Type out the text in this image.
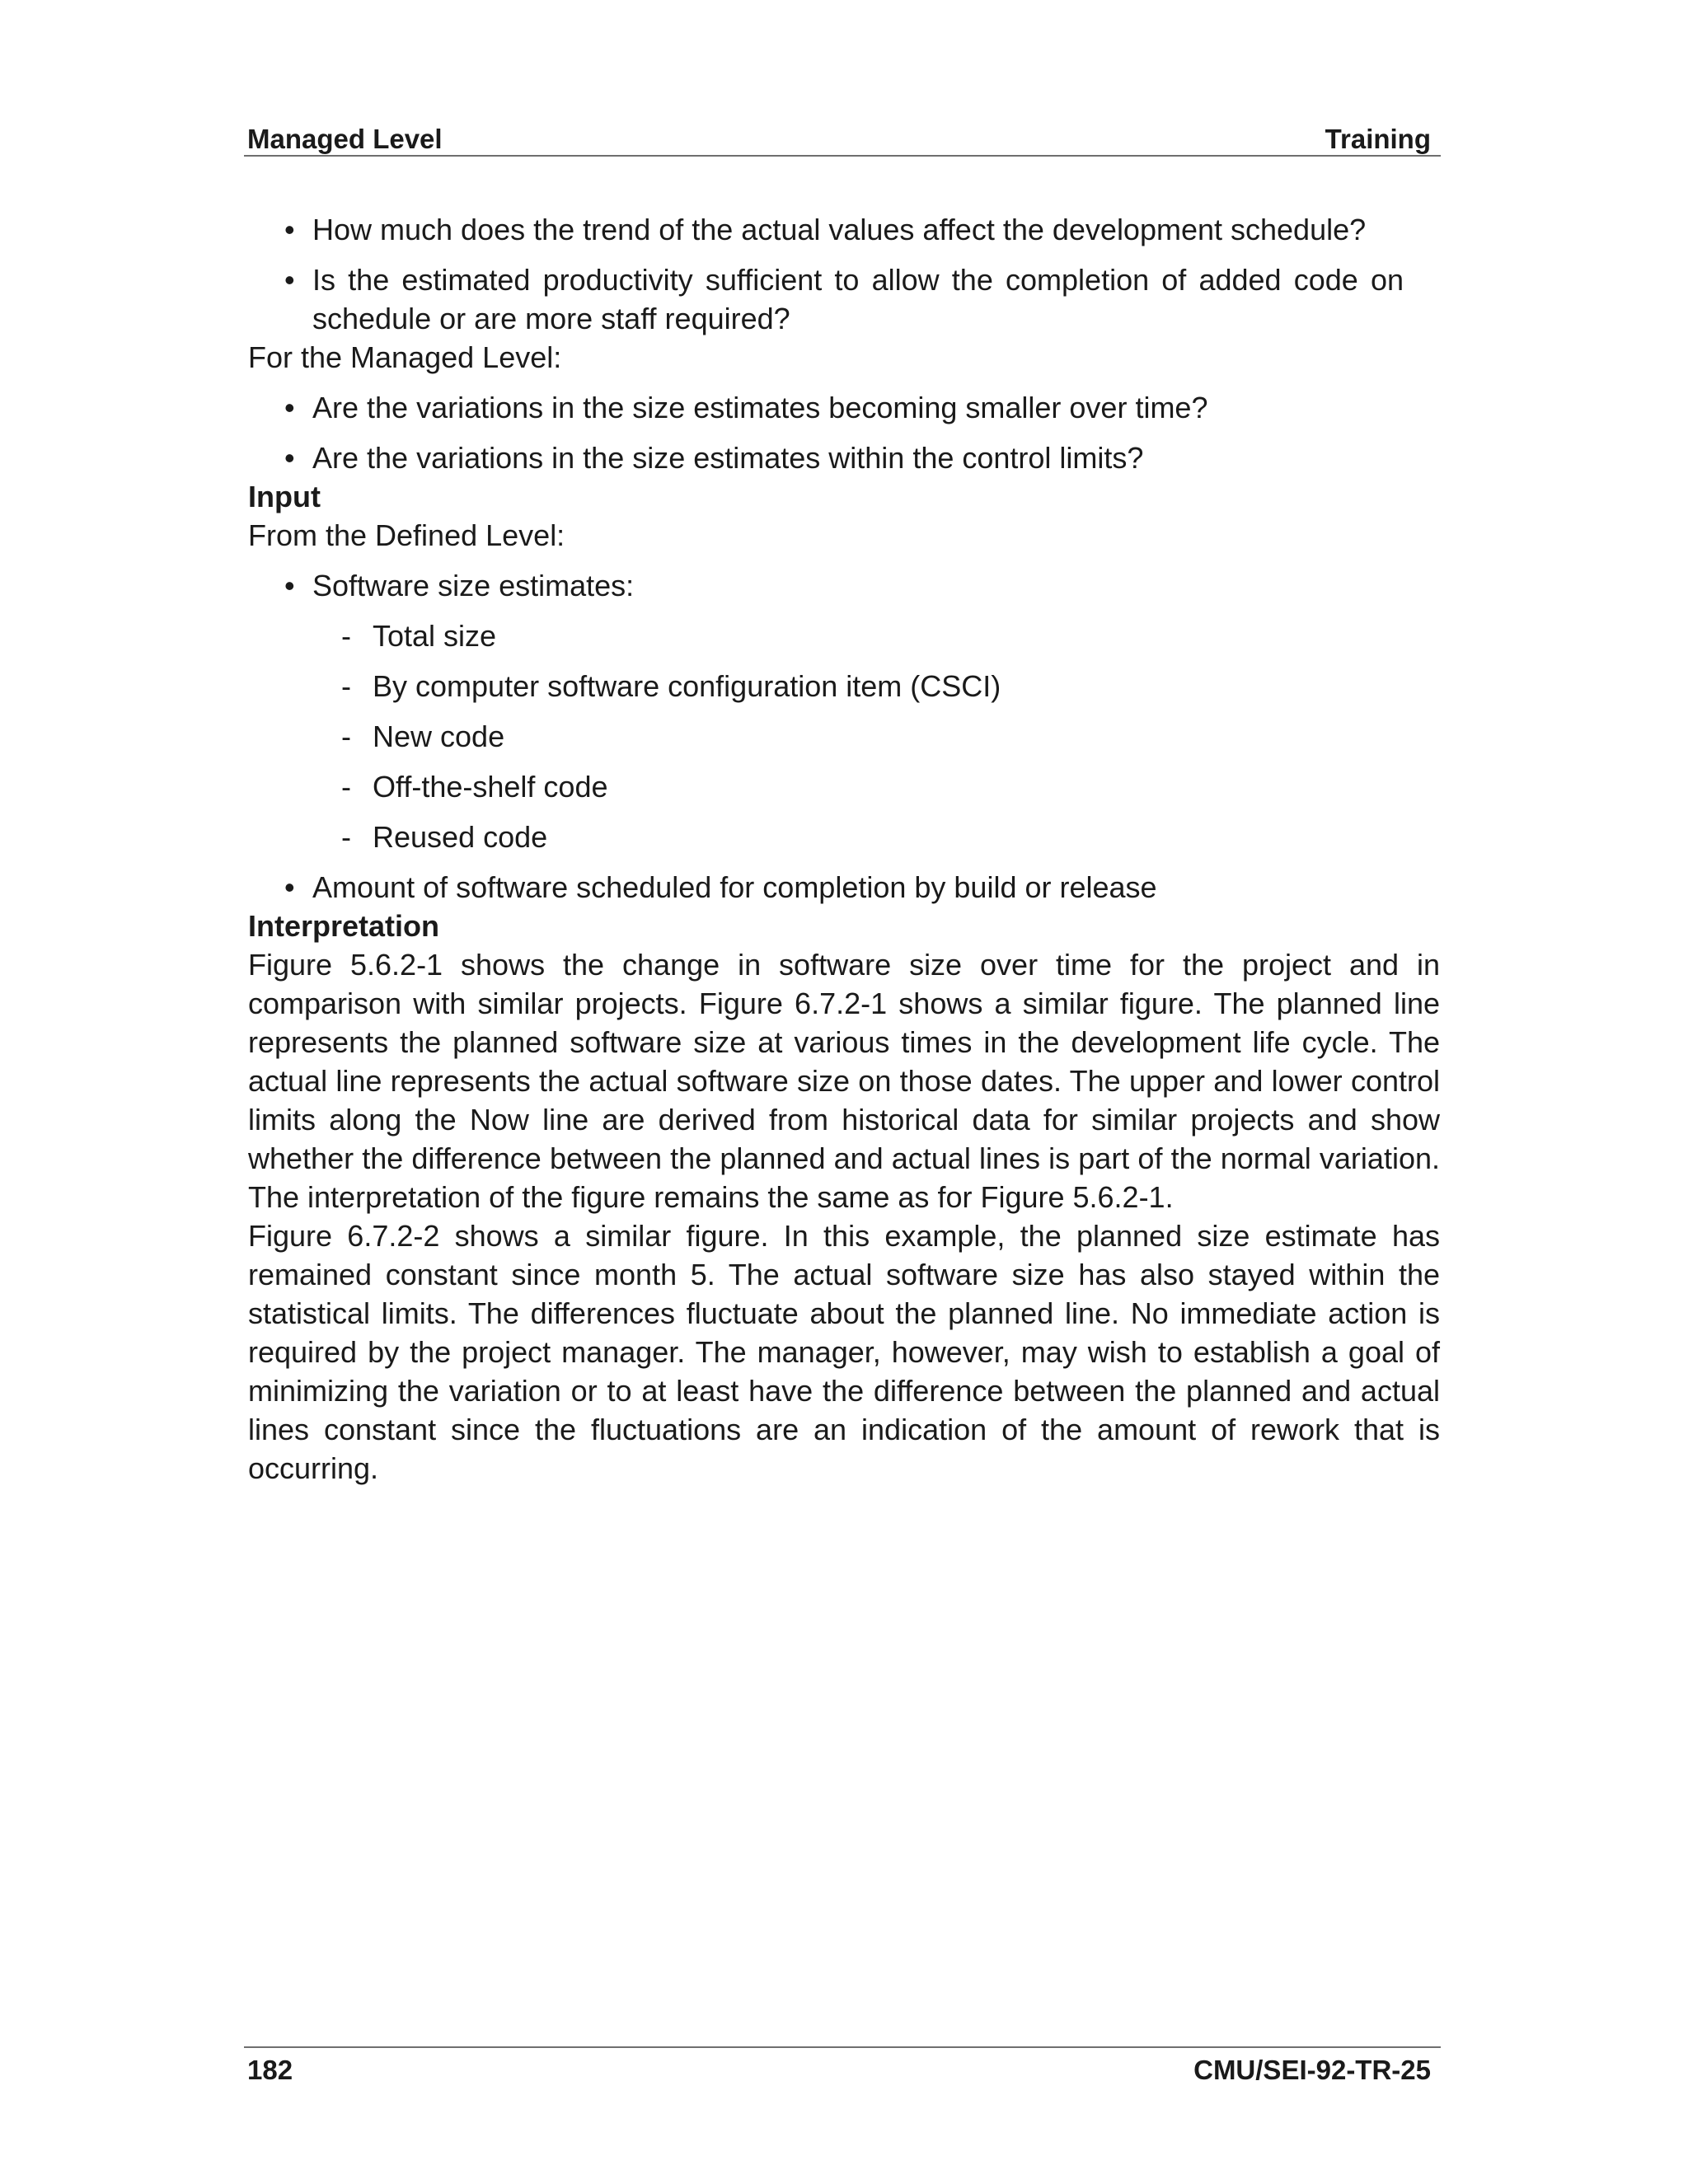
Managed Level	Training
• How much does the trend of the actual values affect the development schedule?
• Is the estimated productivity sufficient to allow the completion of added code on schedule or are more staff required?

For the Managed Level:

• Are the variations in the size estimates becoming smaller over time?
• Are the variations in the size estimates within the control limits?

Input

From the Defined Level:

• Software size estimates:
- Total size
- By computer software configuration item (CSCI)
- New code
- Off-the-shelf code
- Reused code
• Amount of software scheduled for completion by build or release

Interpretation

Figure 5.6.2-1 shows the change in software size over time for the project and in comparison with similar projects. Figure 6.7.2-1 shows a similar figure. The planned line represents the planned software size at various times in the development life cycle. The actual line represents the actual software size on those dates. The upper and lower control limits along the Now line are derived from historical data for similar projects and show whether the difference between the planned and actual lines is part of the normal variation. The interpretation of the figure remains the same as for Figure 5.6.2-1.

Figure 6.7.2-2 shows a similar figure. In this example, the planned size estimate has remained constant since month 5. The actual software size has also stayed within the statistical limits. The differences fluctuate about the planned line. No immediate action is required by the project manager. The manager, however, may wish to establish a goal of minimizing the variation or to at least have the difference between the planned and actual lines constant since the fluctuations are an indication of the amount of rework that is occurring.

182	CMU/SEI-92-TR-25
